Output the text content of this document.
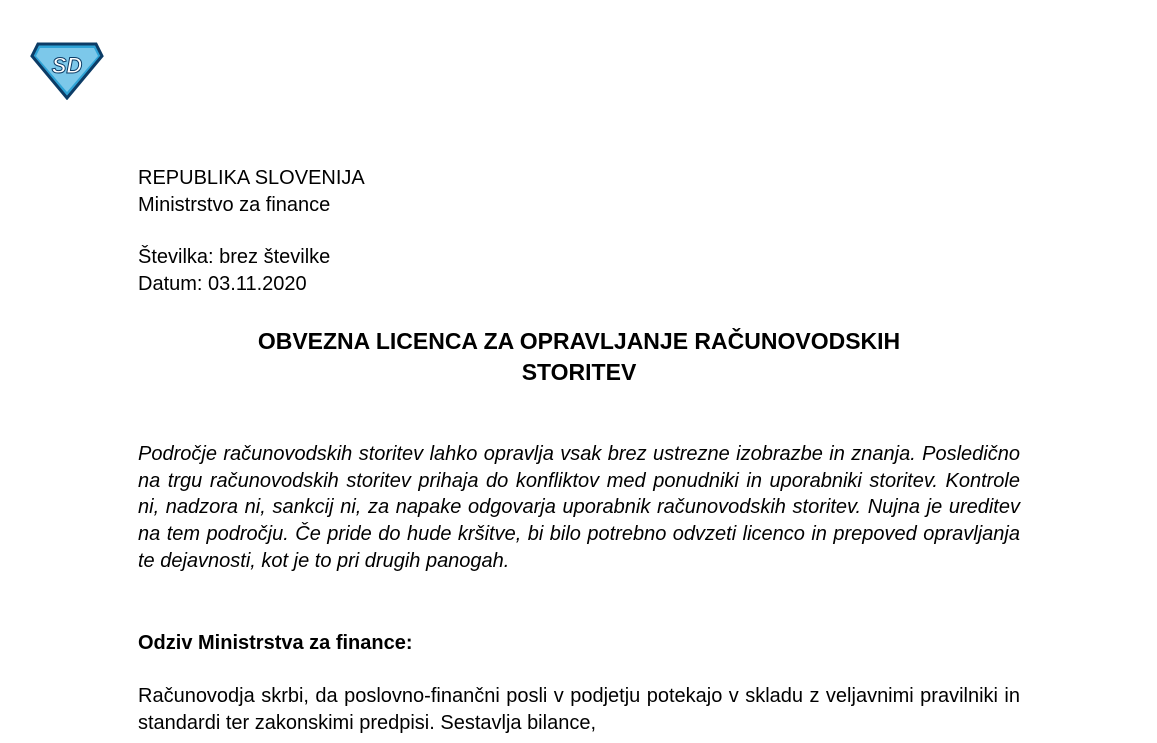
SD
REPUBLIKA SLOVENIJA
Ministrstvo za finance
Številka: brez številke
Datum: 03.11.2020
OBVEZNA LICENCA ZA OPRAVLJANJE RAČUNOVODSKIH
STORITEV

Področje računovodskih storitev lahko opravlja vsak brez ustrezne izobrazbe in znanja. Posledično na trgu računovodskih storitev prihaja do konfliktov med ponudniki in uporabniki storitev. Kontrole ni, nadzora ni, sankcij ni, za napake odgovarja uporabnik računovodskih storitev. Nujna je ureditev na tem področju. Če pride do hude kršitve, bi bilo potrebno odvzeti licenco in prepoved opravljanja te dejavnosti, kot je to pri drugih panogah.

Odziv Ministrstva za finance:

Računovodja skrbi, da poslovno-finančni posli v podjetju potekajo v skladu z veljavnimi pravilniki in standardi ter zakonskimi predpisi. Sestavlja bilance,
